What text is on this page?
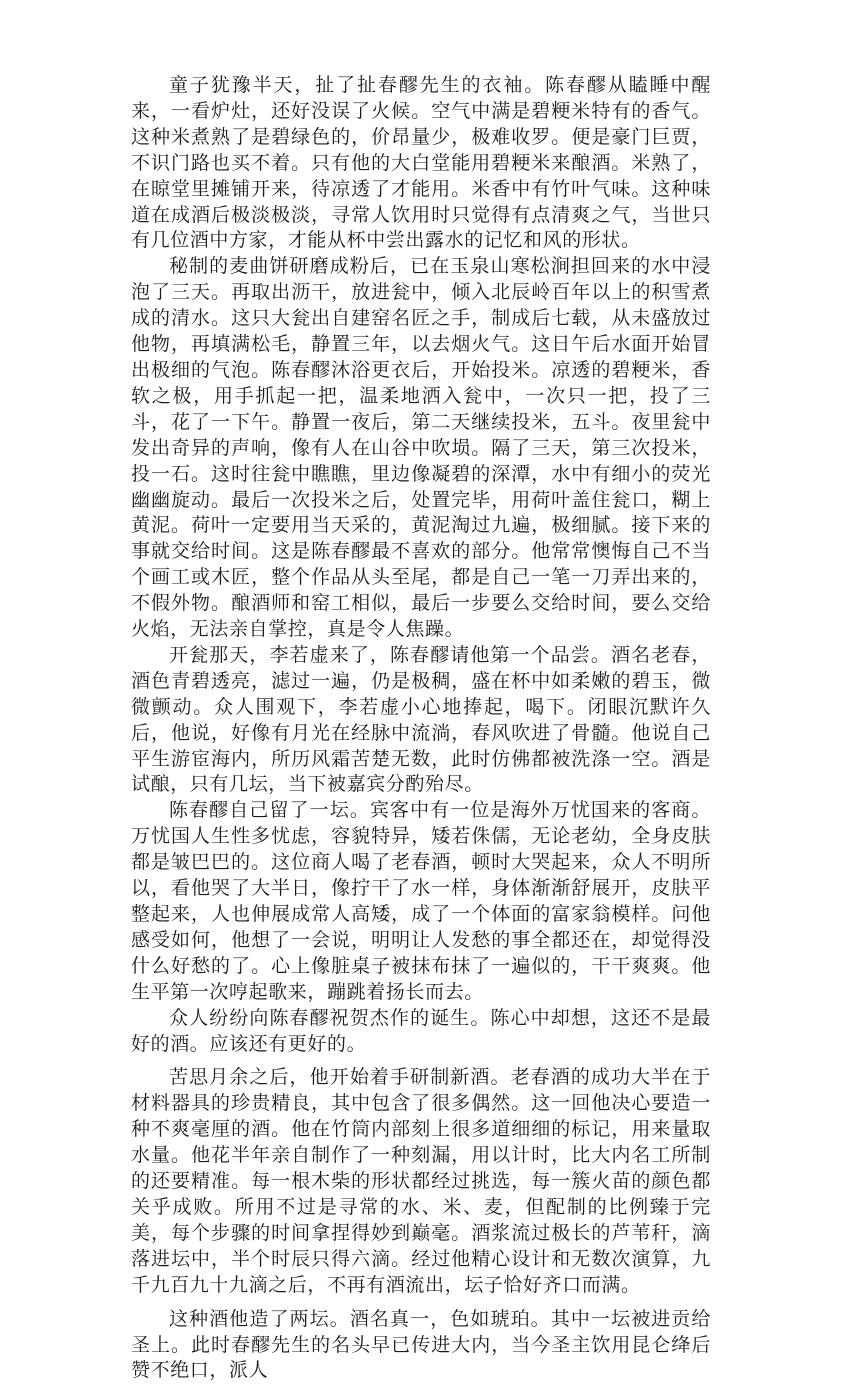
童子犹豫半天，扯了扯春醪先生的衣袖。陈春醪从瞌睡中醒来，一看炉灶，还好没误了火候。空气中满是碧粳米特有的香气。这种米煮熟了是碧绿色的，价昂量少，极难收罗。便是豪门巨贾，不识门路也买不着。只有他的大白堂能用碧粳米来酿酒。米熟了，在晾堂里摊铺开来，待凉透了才能用。米香中有竹叶气味。这种味道在成酒后极淡极淡，寻常人饮用时只觉得有点清爽之气，当世只有几位酒中方家，才能从杯中尝出露水的记忆和风的形状。

秘制的麦曲饼研磨成粉后，已在玉泉山寒松涧担回来的水中浸泡了三天。再取出沥干，放进瓮中，倾入北辰岭百年以上的积雪煮成的清水。这只大瓮出自建窑名匠之手，制成后七载，从未盛放过他物，再填满松毛，静置三年，以去烟火气。这日午后水面开始冒出极细的气泡。陈春醪沐浴更衣后，开始投米。凉透的碧粳米，香软之极，用手抓起一把，温柔地洒入瓮中，一次只一把，投了三斗，花了一下午。静置一夜后，第二天继续投米，五斗。夜里瓮中发出奇异的声响，像有人在山谷中吹埙。隔了三天，第三次投米，投一石。这时往瓮中瞧瞧，里边像凝碧的深潭，水中有细小的荧光幽幽旋动。最后一次投米之后，处置完毕，用荷叶盖住瓮口，糊上黄泥。荷叶一定要用当天采的，黄泥淘过九遍，极细腻。接下来的事就交给时间。这是陈春醪最不喜欢的部分。他常常懊悔自己不当个画工或木匠，整个作品从头至尾，都是自己一笔一刀弄出来的，不假外物。酿酒师和窑工相似，最后一步要么交给时间，要么交给火焰，无法亲自掌控，真是令人焦躁。

开瓮那天，李若虚来了，陈春醪请他第一个品尝。酒名老春，酒色青碧透亮，滤过一遍，仍是极稠，盛在杯中如柔嫩的碧玉，微微颤动。众人围观下，李若虚小心地捧起，喝下。闭眼沉默许久后，他说，好像有月光在经脉中流淌，春风吹进了骨髓。他说自己平生游宦海内，所历风霜苦楚无数，此时仿佛都被洗涤一空。酒是试酿，只有几坛，当下被嘉宾分酌殆尽。

陈春醪自己留了一坛。宾客中有一位是海外万忧国来的客商。万忧国人生性多忧虑，容貌特异，矮若侏儒，无论老幼，全身皮肤都是皱巴巴的。这位商人喝了老春酒，顿时大哭起来，众人不明所以，看他哭了大半日，像拧干了水一样，身体渐渐舒展开，皮肤平整起来，人也伸展成常人高矮，成了一个体面的富家翁模样。问他感受如何，他想了一会说，明明让人发愁的事全都还在，却觉得没什么好愁的了。心上像脏桌子被抹布抹了一遍似的，干干爽爽。他生平第一次哼起歌来，蹦跳着扬长而去。

众人纷纷向陈春醪祝贺杰作的诞生。陈心中却想，这还不是最好的酒。应该还有更好的。

苦思月余之后，他开始着手研制新酒。老春酒的成功大半在于材料器具的珍贵精良，其中包含了很多偶然。这一回他决心要造一种不爽毫厘的酒。他在竹筒内部刻上很多道细细的标记，用来量取水量。他花半年亲自制作了一种刻漏，用以计时，比大内名工所制的还要精准。每一根木柴的形状都经过挑选，每一簇火苗的颜色都关乎成败。所用不过是寻常的水、米、麦，但配制的比例臻于完美，每个步骤的时间拿捏得妙到巅毫。酒浆流过极长的芦苇秆，滴落进坛中，半个时辰只得六滴。经过他精心设计和无数次演算，九千九百九十九滴之后，不再有酒流出，坛子恰好齐口而满。

这种酒他造了两坛。酒名真一，色如琥珀。其中一坛被进贡给圣上。此时春醪先生的名头早已传进大内，当今圣主饮用昆仑绛后赞不绝口，派人
